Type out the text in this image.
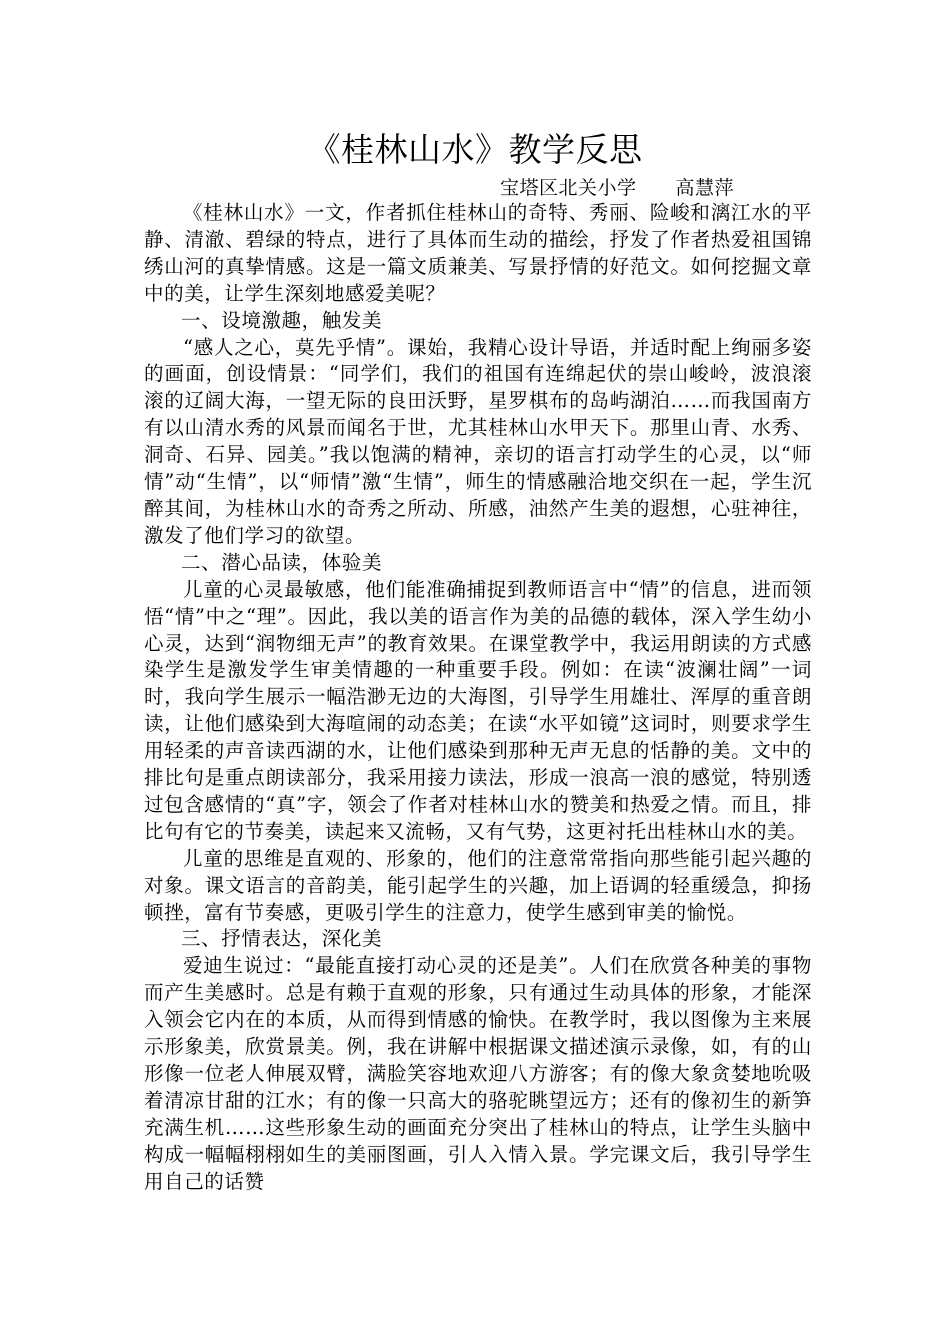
《桂林山水》教学反思
宝塔区北关小学　　高慧萍

《桂林山水》一文，作者抓住桂林山的奇特、秀丽、险峻和漓江水的平静、清澈、碧绿的特点，进行了具体而生动的描绘，抒发了作者热爱祖国锦绣山河的真挚情感。这是一篇文质兼美、写景抒情的好范文。如何挖掘文章中的美，让学生深刻地感爱美呢？

一、设境激趣，触发美

“感人之心，莫先乎情”。课始，我精心设计导语，并适时配上绚丽多姿的画面，创设情景：“同学们，我们的祖国有连绵起伏的崇山峻岭，波浪滚滚的辽阔大海，一望无际的良田沃野，星罗棋布的岛屿湖泊……而我国南方有以山清水秀的风景而闻名于世，尤其桂林山水甲天下。那里山青、水秀、洞奇、石异、园美。”我以饱满的精神，亲切的语言打动学生的心灵，以“师情”动“生情”，以“师情”激“生情”，师生的情感融洽地交织在一起，学生沉醉其间，为桂林山水的奇秀之所动、所感，油然产生美的遐想，心驻神往，激发了他们学习的欲望。

二、潜心品读，体验美

儿童的心灵最敏感，他们能准确捕捉到教师语言中“情”的信息，进而领悟“情”中之“理”。因此，我以美的语言作为美的品德的载体，深入学生幼小心灵，达到“润物细无声”的教育效果。在课堂教学中，我运用朗读的方式感染学生是激发学生审美情趣的一种重要手段。例如：在读“波澜壮阔”一词时，我向学生展示一幅浩渺无边的大海图，引导学生用雄壮、浑厚的重音朗读，让他们感染到大海喧闹的动态美；在读“水平如镜”这词时，则要求学生用轻柔的声音读西湖的水，让他们感染到那种无声无息的恬静的美。文中的排比句是重点朗读部分，我采用接力读法，形成一浪高一浪的感觉，特别透过包含感情的“真”字，领会了作者对桂林山水的赞美和热爱之情。而且，排比句有它的节奏美，读起来又流畅，又有气势，这更衬托出桂林山水的美。

儿童的思维是直观的、形象的，他们的注意常常指向那些能引起兴趣的对象。课文语言的音韵美，能引起学生的兴趣，加上语调的轻重缓急，抑扬顿挫，富有节奏感，更吸引学生的注意力，使学生感到审美的愉悦。

三、抒情表达，深化美

爱迪生说过：“最能直接打动心灵的还是美”。人们在欣赏各种美的事物而产生美感时。总是有赖于直观的形象，只有通过生动具体的形象，才能深入领会它内在的本质，从而得到情感的愉快。在教学时，我以图像为主来展示形象美，欣赏景美。例，我在讲解中根据课文描述演示录像，如，有的山形像一位老人伸展双臂，满脸笑容地欢迎八方游客；有的像大象贪婪地吮吸着清凉甘甜的江水；有的像一只高大的骆驼眺望远方；还有的像初生的新笋充满生机……这些形象生动的画面充分突出了桂林山的特点，让学生头脑中构成一幅幅栩栩如生的美丽图画，引人入情入景。学完课文后，我引导学生用自己的话赞
